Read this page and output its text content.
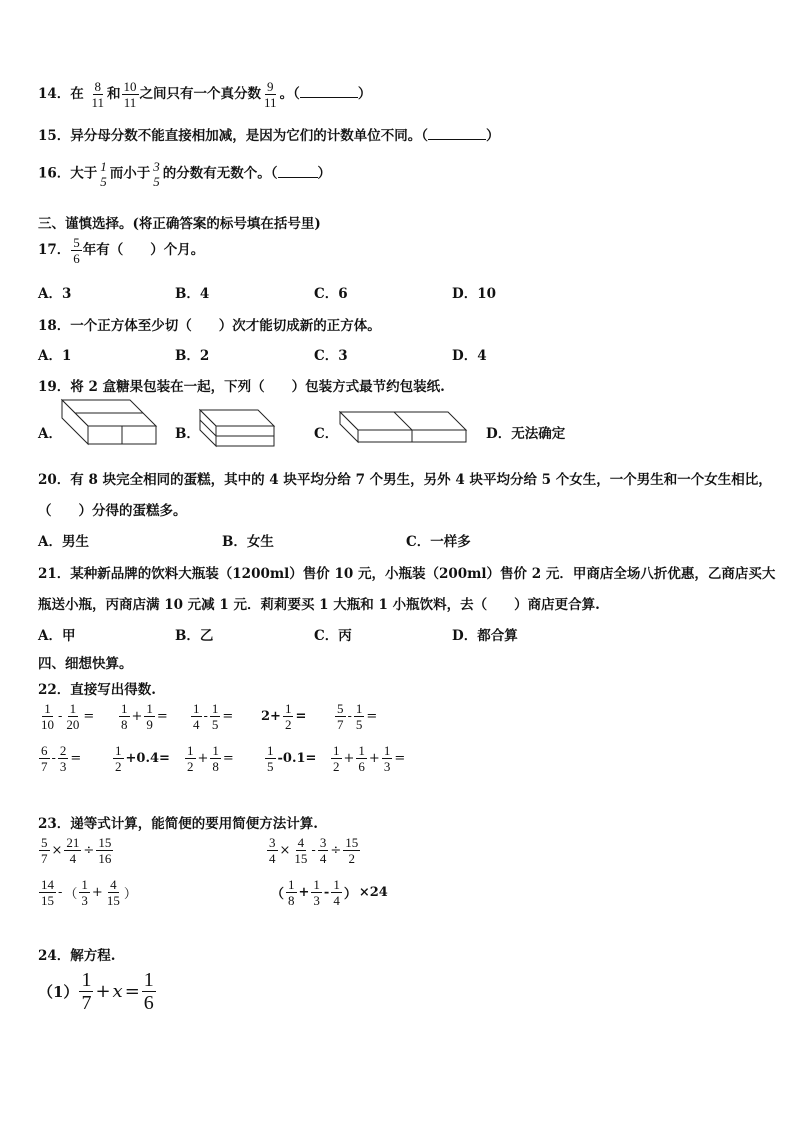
14．在 $\frac{8}{11}$ 和 $\frac{10}{11}$ 之间只有一个真分数 $\frac{9}{11}$ 。（	）
15．异分母分数不能直接相加减，是因为它们的计数单位不同。（	）
16．大于 1
5 而小于 3
5 的分数有无数个。（	）
三、谨慎选择。(将正确答案的标号填在括号里)
17． $\frac{5}{6}$ 年有（　　）个月。
A．3	B．4	C．6	D．10
18．一个正方体至少切（　　）次才能切成新的正方体。
A．1	B．2	C．3	D．4
19．将 2 盒糖果包装在一起，下列（　　）包装方式最节约包装纸.
A．	B．	C．	D．无法确定
20．有 8 块完全相同的蛋糕，其中的 4 块平均分给 7 个男生，另外 4 块平均分给 5 个女生，一个男生和一个女生相比，
（　　）分得的蛋糕多。
A．男生	B．女生	C．一样多
21．某种新品牌的饮料大瓶装（1200ml）售价 10 元，小瓶装（200ml）售价 2 元．甲商店全场八折优惠，乙商店买大
瓶送小瓶，丙商店满 10 元减 1 元．莉莉要买 1 大瓶和 1 小瓶饮料，去（　　）商店更合算.
A．甲	B．乙	C．丙	D．都合算
四、细想快算。
22．直接写出得数.
$\frac{1}{10} - \frac{1}{20} = \frac{1}{8} + \frac{1}{9} = \frac{1}{4} - \frac{1}{5} = 2+ \frac{1}{2} = \frac{5}{7} - \frac{1}{5}$ =
$\frac{6}{7} - \frac{2}{3} = \frac{1}{2} +0.4= \frac{1}{2} + \frac{1}{8} = \frac{1}{5} -0.1= \frac{1}{2} + \frac{1}{6} + \frac{1}{3}$ =
23．递等式计算，能简便的要用简便方法计算.
$\frac{5}{7} \times \frac{21}{4} \div \frac{15}{16}$	$\frac{3}{4} \times \frac{4}{15} - \frac{3}{4} \div \frac{15}{2}$
$\frac{14}{15}$ - （ $\frac{1}{3} + \frac{4}{15}$ ）	（ $\frac{1}{8} + \frac{1}{3} - \frac{1}{4}$ ） ×24
24．解方程.
$(1) \frac{1}{7} + x = \frac{1}{6}$
